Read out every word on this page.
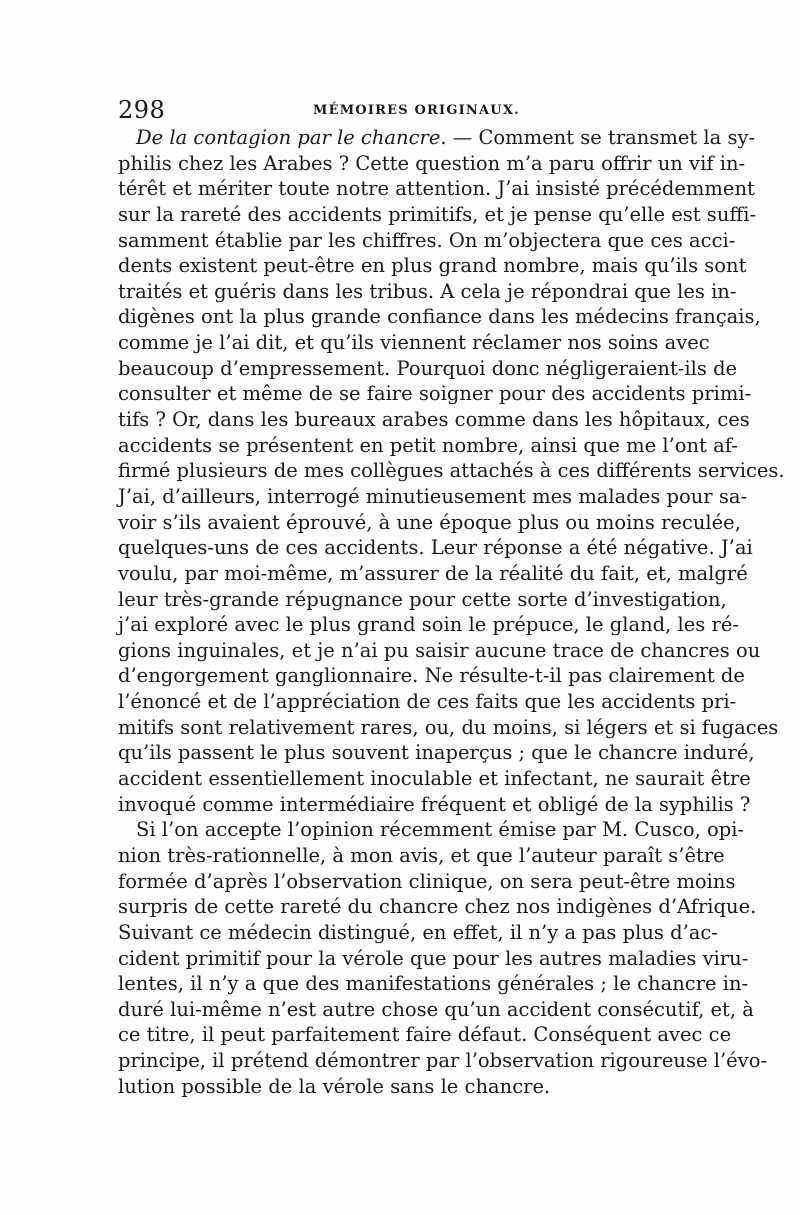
298	MÉMOIRES ORIGINAUX.
De la contagion par le chancre. — Comment se transmet la sy-
philis chez les Arabes ? Cette question m’a paru offrir un vif in-
térêt et mériter toute notre attention. J’ai insisté précédemment
sur la rareté des accidents primitifs, et je pense qu’elle est suffi-
samment établie par les chiffres. On m’objectera que ces acci-
dents existent peut-être en plus grand nombre, mais qu’ils sont
traités et guéris dans les tribus. A cela je répondrai que les in-
digènes ont la plus grande confiance dans les médecins français,
comme je l’ai dit, et qu’ils viennent réclamer nos soins avec
beaucoup d’empressement. Pourquoi donc négligeraient-ils de
consulter et même de se faire soigner pour des accidents primi-
tifs ? Or, dans les bureaux arabes comme dans les hôpitaux, ces
accidents se présentent en petit nombre, ainsi que me l’ont af-
firmé plusieurs de mes collègues attachés à ces différents services.
J’ai, d’ailleurs, interrogé minutieusement mes malades pour sa-
voir s’ils avaient éprouvé, à une époque plus ou moins reculée,
quelques-uns de ces accidents. Leur réponse a été négative. J’ai
voulu, par moi-même, m’assurer de la réalité du fait, et, malgré
leur très-grande répugnance pour cette sorte d’investigation,
j’ai exploré avec le plus grand soin le prépuce, le gland, les ré-
gions inguinales, et je n’ai pu saisir aucune trace de chancres ou
d’engorgement ganglionnaire. Ne résulte-t-il pas clairement de
l’énoncé et de l’appréciation de ces faits que les accidents pri-
mitifs sont relativement rares, ou, du moins, si légers et si fugaces
qu’ils passent le plus souvent inaperçus ; que le chancre induré,
accident essentiellement inoculable et infectant, ne saurait être
invoqué comme intermédiaire fréquent et obligé de la syphilis ?
Si l’on accepte l’opinion récemment émise par M. Cusco, opi-
nion très-rationnelle, à mon avis, et que l’auteur paraît s’être
formée d’après l’observation clinique, on sera peut-être moins
surpris de cette rareté du chancre chez nos indigènes d’Afrique.
Suivant ce médecin distingué, en effet, il n’y a pas plus d’ac-
cident primitif pour la vérole que pour les autres maladies viru-
lentes, il n’y a que des manifestations générales ; le chancre in-
duré lui-même n’est autre chose qu’un accident consécutif, et, à
ce titre, il peut parfaitement faire défaut. Conséquent avec ce
principe, il prétend démontrer par l’observation rigoureuse l’évo-
lution possible de la vérole sans le chancre.
